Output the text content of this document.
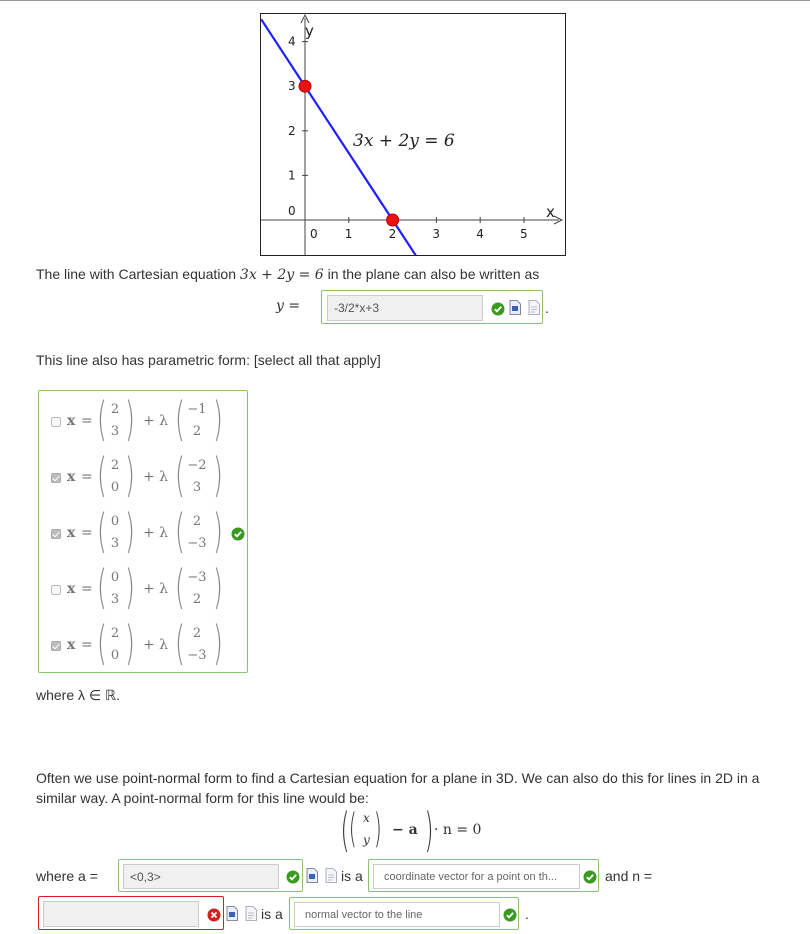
0 1	2	3	4	5
0
1
2
3
4
y
x
3x + 2y = 6
The line with Cartesian equation 3x + 2y = 6 in the plane can also be written as
y =	-3/2*x+3	.
This line also has parametric form: [select all that apply]
x = ( 2
3 ) + λ ( −1
2 )
x = ( 2
0 ) + λ ( −2
3 )
x = ( 0
3 ) + λ ( 2
−3 )
x = ( 0
3 ) + λ ( −3
2 )
x = ( 2
0 ) + λ ( 2
−3 )
where λ ∈ ℝ.
Often we use point-normal form to find a Cartesian equation for a plane in 3D. We can also do this for lines in 2D in a similar way. A point-normal form for this line would be:
( ( x
y ) − a ) · n = 0
where a =	<0,3>	is a	coordinate vector for a point on th...	and n =
is a	normal vector to the line	.
